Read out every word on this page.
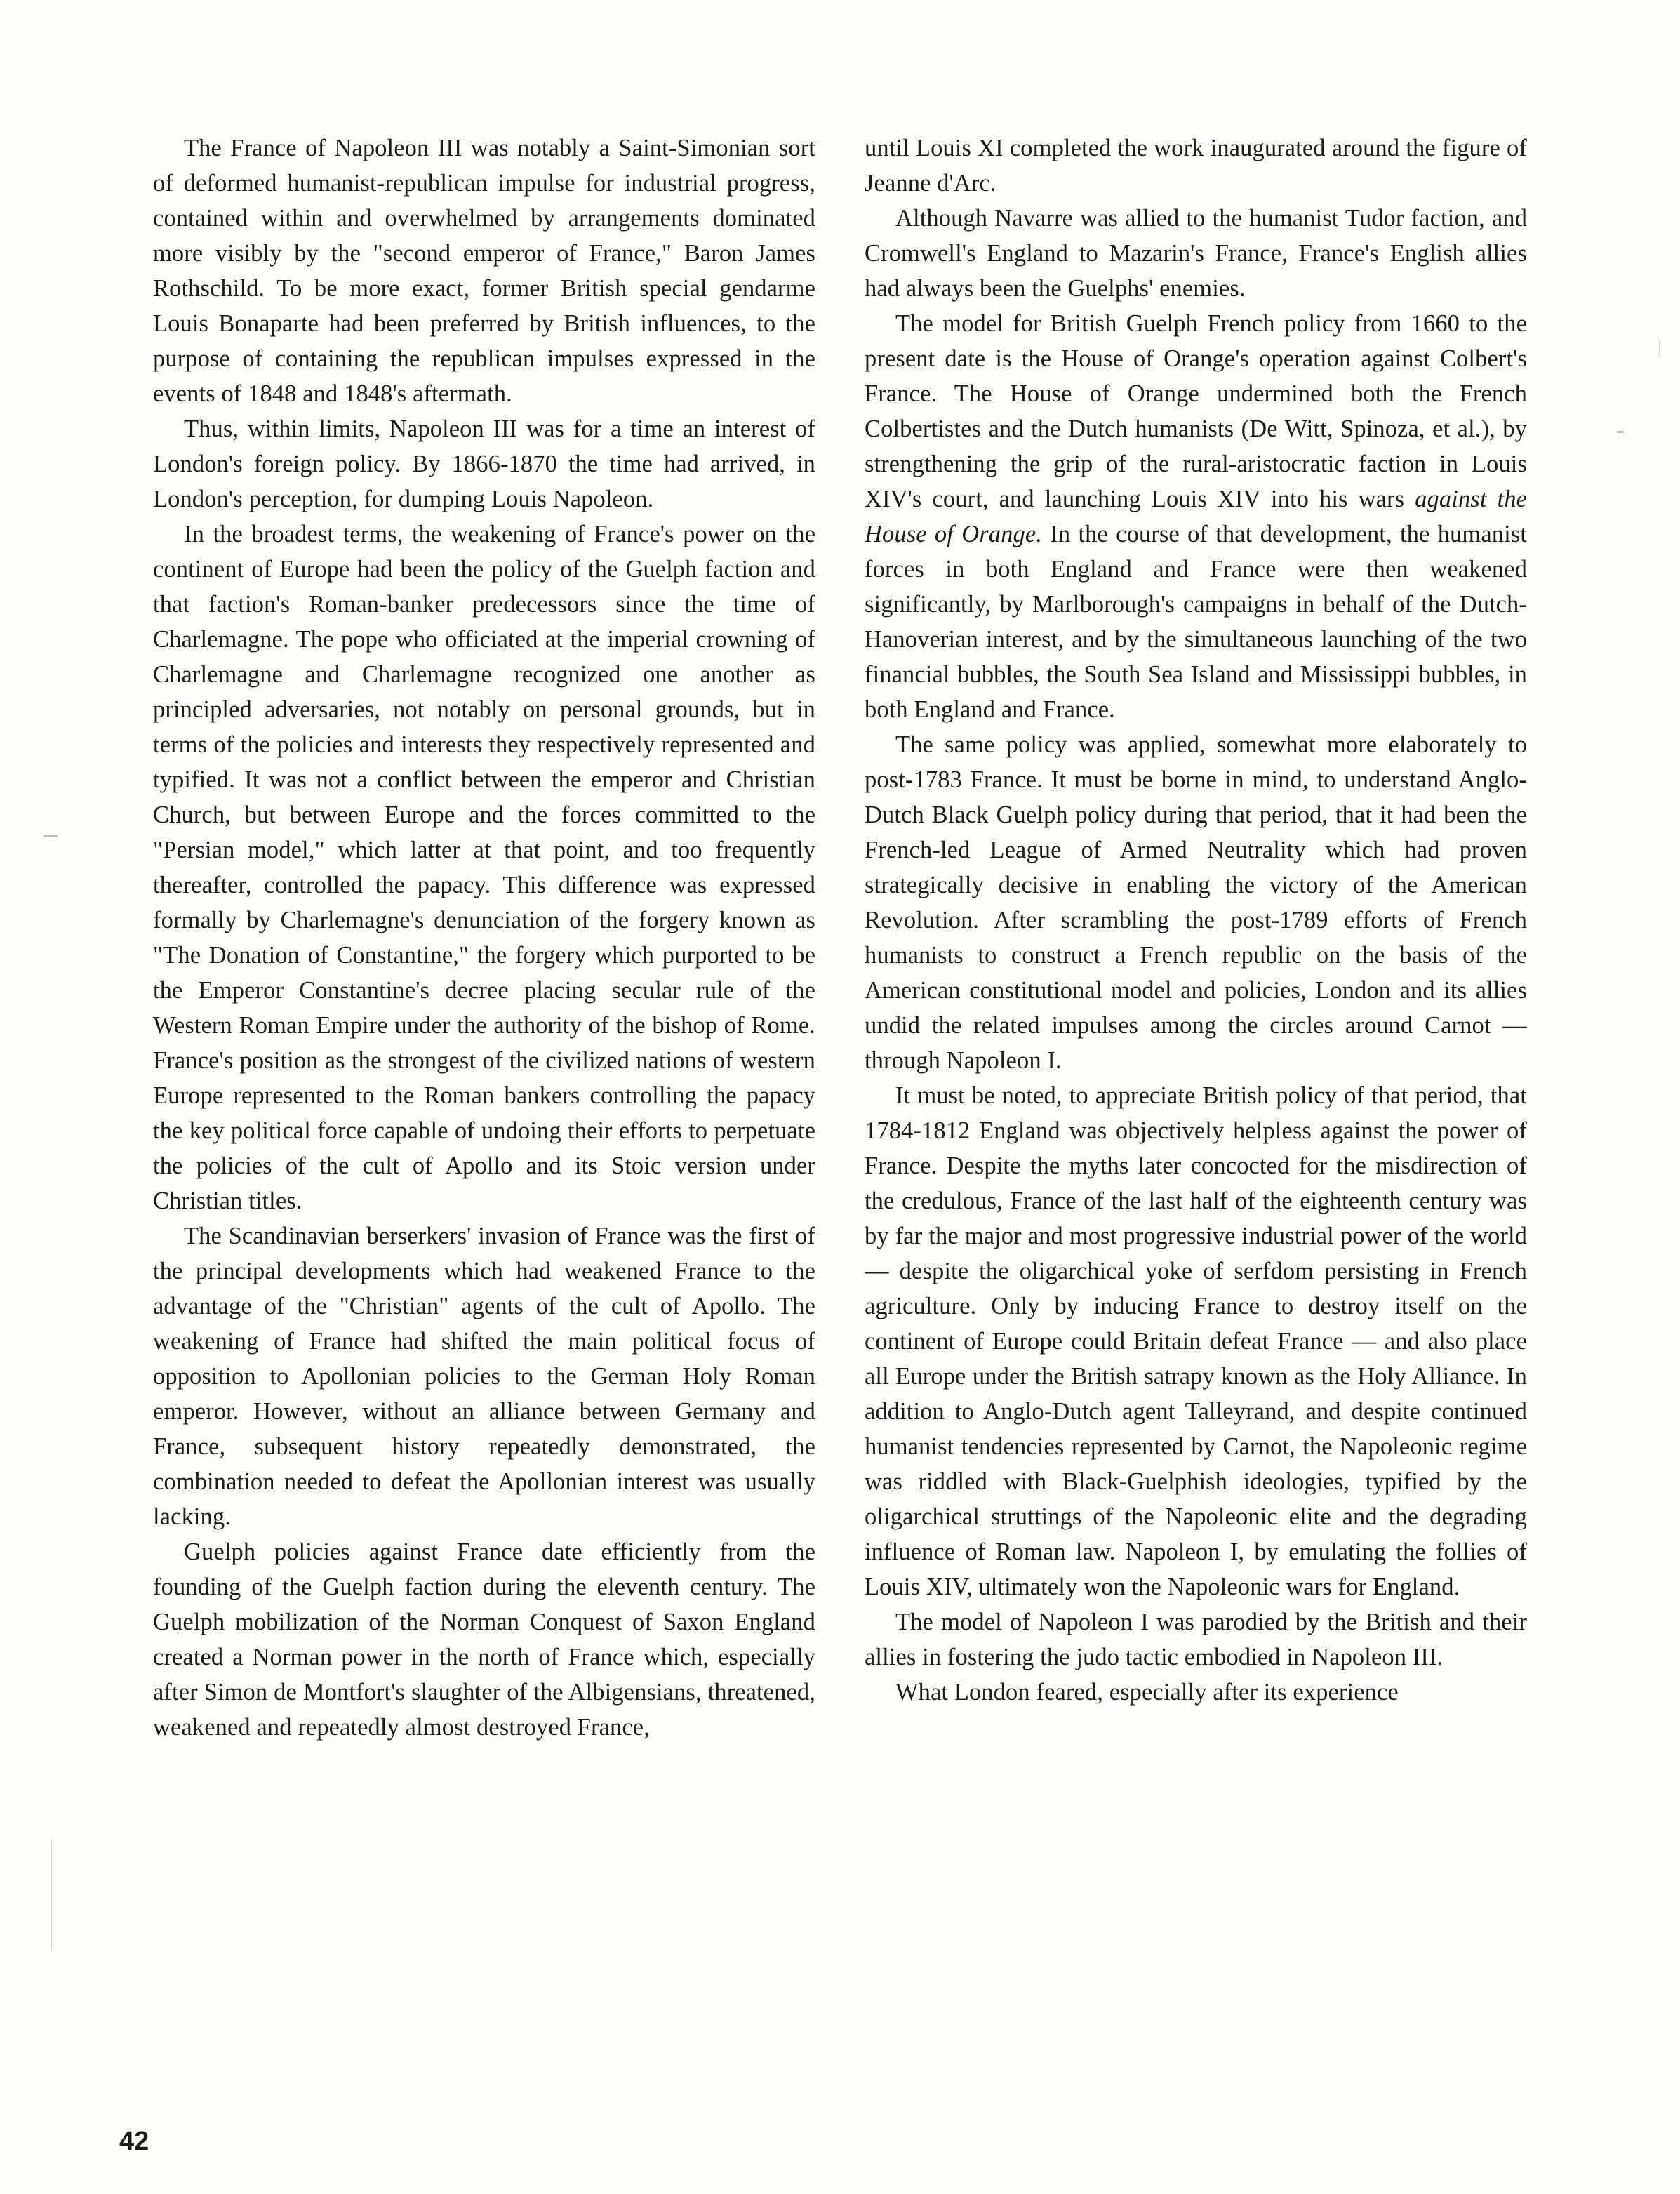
The France of Napoleon III was notably a Saint-Simonian sort of deformed humanist-republican impulse for industrial progress, contained within and overwhelmed by arrangements dominated more visibly by the "second emperor of France," Baron James Rothschild. To be more exact, former British special gendarme Louis Bonaparte had been preferred by British influences, to the purpose of containing the republican impulses expressed in the events of 1848 and 1848's aftermath.

Thus, within limits, Napoleon III was for a time an interest of London's foreign policy. By 1866-1870 the time had arrived, in London's perception, for dumping Louis Napoleon.

In the broadest terms, the weakening of France's power on the continent of Europe had been the policy of the Guelph faction and that faction's Roman-banker predecessors since the time of Charlemagne. The pope who officiated at the imperial crowning of Charlemagne and Charlemagne recognized one another as principled adversaries, not notably on personal grounds, but in terms of the policies and interests they respectively represented and typified. It was not a conflict between the emperor and Christian Church, but between Europe and the forces committed to the "Persian model," which latter at that point, and too frequently thereafter, controlled the papacy. This difference was expressed formally by Charlemagne's denunciation of the forgery known as "The Donation of Constantine," the forgery which purported to be the Emperor Constantine's decree placing secular rule of the Western Roman Empire under the authority of the bishop of Rome. France's position as the strongest of the civilized nations of western Europe represented to the Roman bankers controlling the papacy the key political force capable of undoing their efforts to perpetuate the policies of the cult of Apollo and its Stoic version under Christian titles.

The Scandinavian berserkers' invasion of France was the first of the principal developments which had weakened France to the advantage of the "Christian" agents of the cult of Apollo. The weakening of France had shifted the main political focus of opposition to Apollonian policies to the German Holy Roman emperor. However, without an alliance between Germany and France, subsequent history repeatedly demonstrated, the combination needed to defeat the Apollonian interest was usually lacking.

Guelph policies against France date efficiently from the founding of the Guelph faction during the eleventh century. The Guelph mobilization of the Norman Conquest of Saxon England created a Norman power in the north of France which, especially after Simon de Montfort's slaughter of the Albigensians, threatened, weakened and repeatedly almost destroyed France,

until Louis XI completed the work inaugurated around the figure of Jeanne d'Arc.

Although Navarre was allied to the humanist Tudor faction, and Cromwell's England to Mazarin's France, France's English allies had always been the Guelphs' enemies.

The model for British Guelph French policy from 1660 to the present date is the House of Orange's operation against Colbert's France. The House of Orange undermined both the French Colbertistes and the Dutch humanists (De Witt, Spinoza, et al.), by strengthening the grip of the rural-aristocratic faction in Louis XIV's court, and launching Louis XIV into his wars against the House of Orange. In the course of that development, the humanist forces in both England and France were then weakened significantly, by Marlborough's campaigns in behalf of the Dutch-Hanoverian interest, and by the simultaneous launching of the two financial bubbles, the South Sea Island and Mississippi bubbles, in both England and France.

The same policy was applied, somewhat more elaborately to post-1783 France. It must be borne in mind, to understand Anglo-Dutch Black Guelph policy during that period, that it had been the French-led League of Armed Neutrality which had proven strategically decisive in enabling the victory of the American Revolution. After scrambling the post-1789 efforts of French humanists to construct a French republic on the basis of the American constitutional model and policies, London and its allies undid the related impulses among the circles around Carnot — through Napoleon I.

It must be noted, to appreciate British policy of that period, that 1784-1812 England was objectively helpless against the power of France. Despite the myths later concocted for the misdirection of the credulous, France of the last half of the eighteenth century was by far the major and most progressive industrial power of the world — despite the oligarchical yoke of serfdom persisting in French agriculture. Only by inducing France to destroy itself on the continent of Europe could Britain defeat France — and also place all Europe under the British satrapy known as the Holy Alliance. In addition to Anglo-Dutch agent Talleyrand, and despite continued humanist tendencies represented by Carnot, the Napoleonic regime was riddled with Black-Guelphish ideologies, typified by the oligarchical struttings of the Napoleonic elite and the degrading influence of Roman law. Napoleon I, by emulating the follies of Louis XIV, ultimately won the Napoleonic wars for England.

The model of Napoleon I was parodied by the British and their allies in fostering the judo tactic embodied in Napoleon III.

What London feared, especially after its experience

42
